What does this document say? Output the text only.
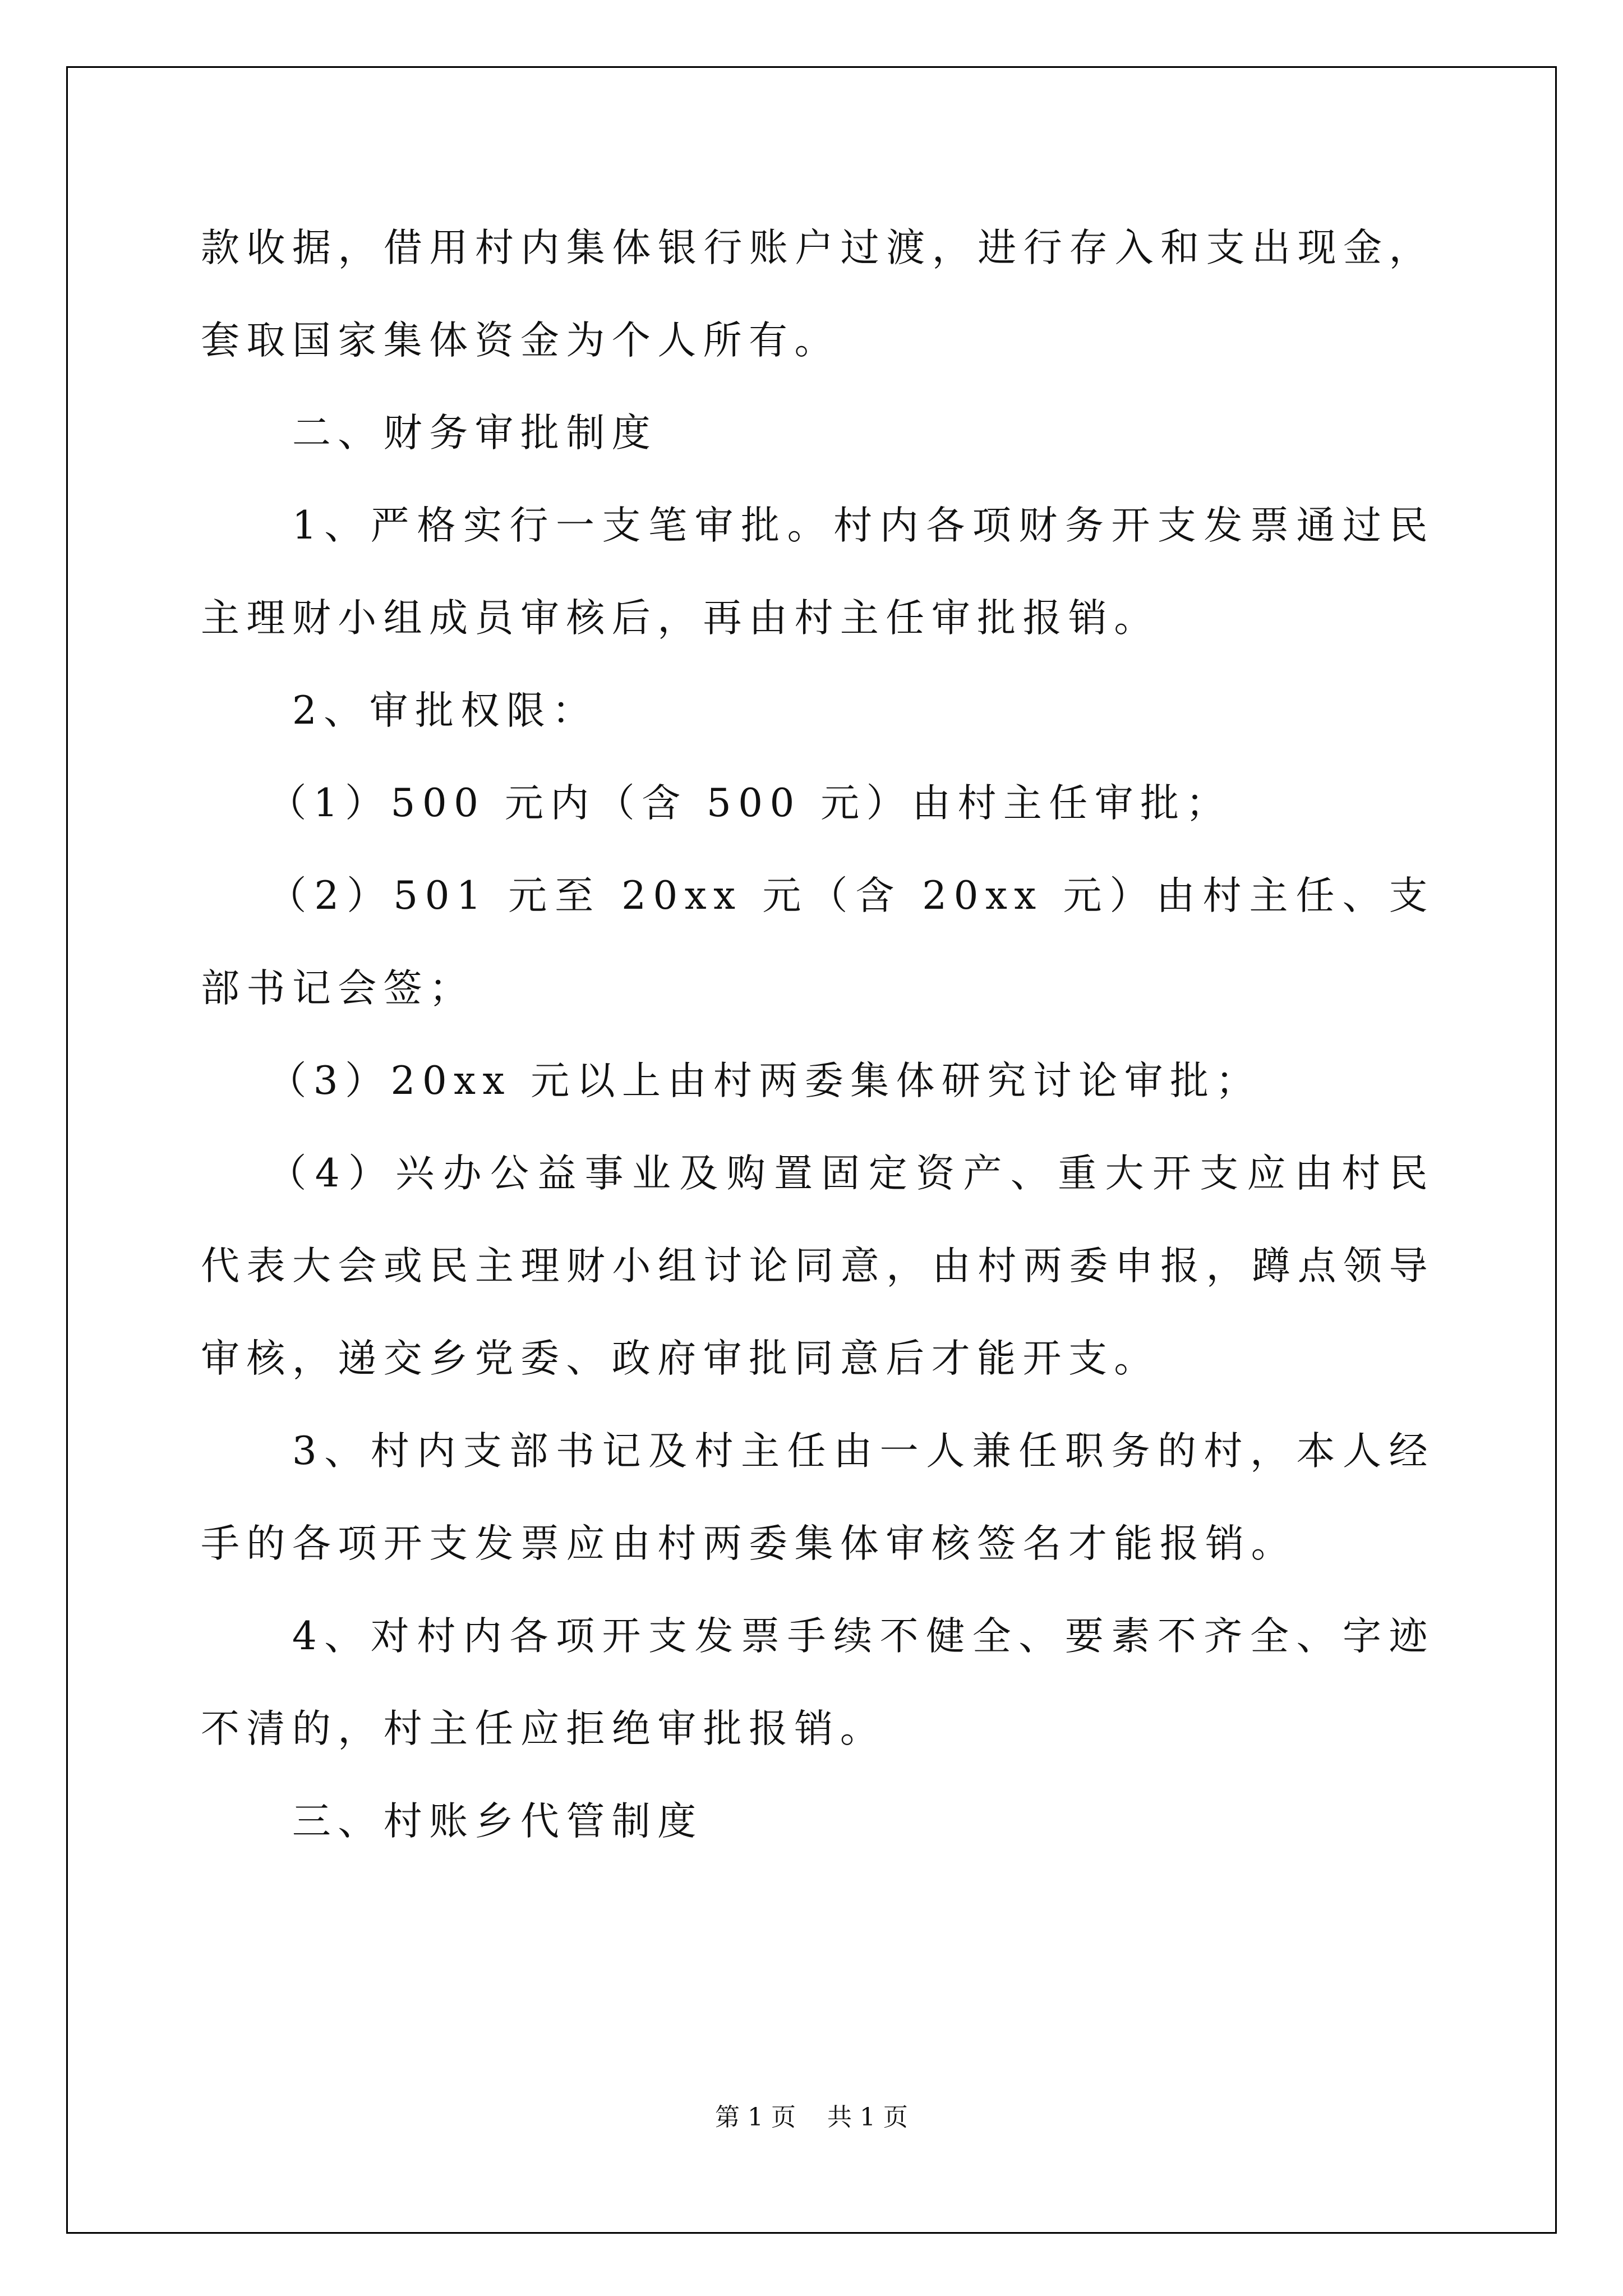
款收据，借用村内集体银行账户过渡，进行存入和支出现金，套取国家集体资金为个人所有。

二、财务审批制度

1、严格实行一支笔审批。村内各项财务开支发票通过民主理财小组成员审核后，再由村主任审批报销。

2、审批权限：

（1）500 元内（含 500 元）由村主任审批；

（2）501 元至 20xx 元（含 20xx 元）由村主任、支部书记会签；

（3）20xx 元以上由村两委集体研究讨论审批；

（4）兴办公益事业及购置固定资产、重大开支应由村民代表大会或民主理财小组讨论同意，由村两委申报，蹲点领导审核，递交乡党委、政府审批同意后才能开支。

3、村内支部书记及村主任由一人兼任职务的村，本人经手的各项开支发票应由村两委集体审核签名才能报销。

4、对村内各项开支发票手续不健全、要素不齐全、字迹不清的，村主任应拒绝审批报销。

三、村账乡代管制度

第 1 页    共 1 页
